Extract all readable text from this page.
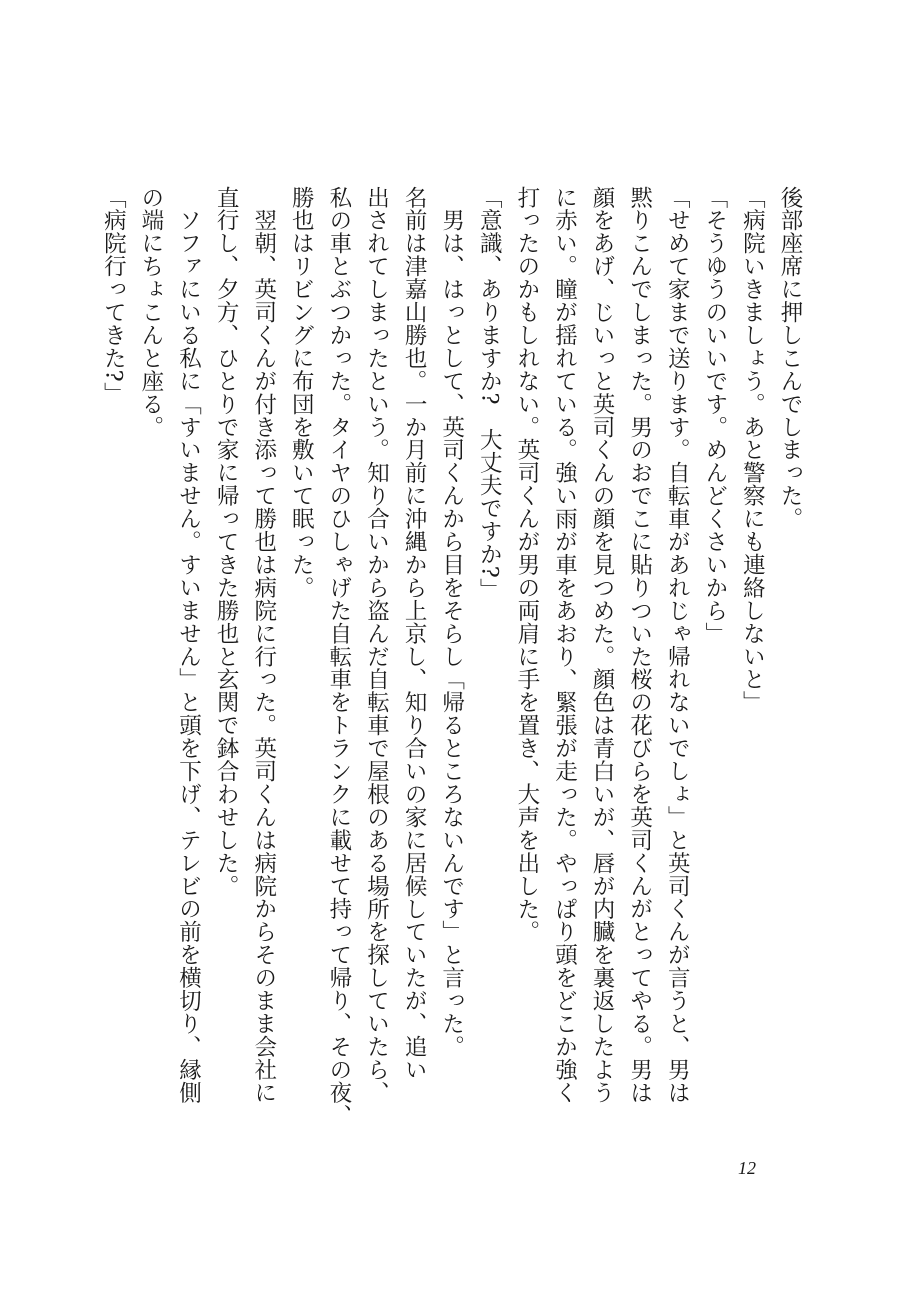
後部座席に押しこんでしまった。
「病院いきましょう。あと警察にも連絡しないと」
「そうゆうのいいです。めんどくさいから」
「せめて家まで送ります。自転車があれじゃ帰れないでしょ」と英司くんが言うと、男は
黙りこんでしまった。男のおでこに貼りついた桜の花びらを英司くんがとってやる。男は
顔をあげ、じいっと英司くんの顔を見つめた。顔色は青白いが、唇が内臓を裏返したよう
に赤い。瞳が揺れている。強い雨が車をあおり、緊張が走った。やっぱり頭をどこか強く
打ったのかもしれない。英司くんが男の両肩に手を置き、大声を出した。
「意識、ありますか?　大丈夫ですか?」
　男は、はっとして、英司くんから目をそらし「帰るところないんです」と言った。
名前は津嘉山勝也。一か月前に沖縄から上京し、知り合いの家に居候していたが、追い
出されてしまったという。知り合いから盗んだ自転車で屋根のある場所を探していたら、
私の車とぶつかった。タイヤのひしゃげた自転車をトランクに載せて持って帰り、その夜、
勝也はリビングに布団を敷いて眠った。
　翌朝、英司くんが付き添って勝也は病院に行った。英司くんは病院からそのまま会社に
直行し、夕方、ひとりで家に帰ってきた勝也と玄関で鉢合わせした。
　ソファにいる私に「すいません。すいません」と頭を下げ、テレビの前を横切り、縁側
の端にちょこんと座る。
「病院行ってきた?」
12
